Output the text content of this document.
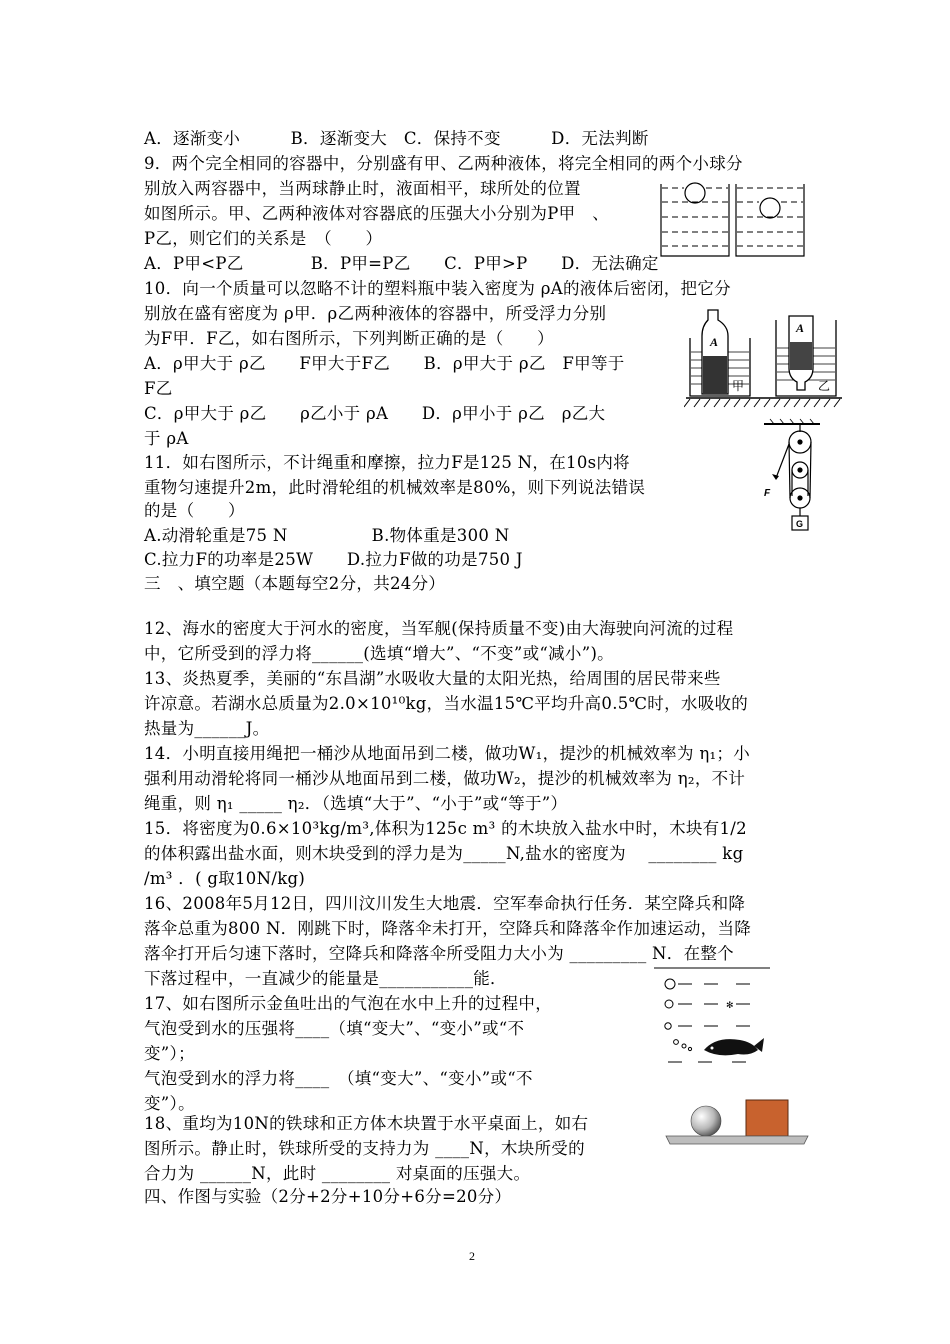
A．逐渐变小　　　B．逐渐变大　C．保持不变　　　D．无法判断
9．两个完全相同的容器中，分别盛有甲、乙两种液体，将完全相同的两个小球分
别放入两容器中，当两球静止时，液面相平，球所处的位置
如图所示。甲、乙两种液体对容器底的压强大小分别为P甲　、
P乙，则它们的关系是　（　　）
A．P甲<P乙　　　　B．P甲=P乙　　C．P甲>P　　D．无法确定
10．向一个质量可以忽略不计的塑料瓶中装入密度为 ρA的液体后密闭，把它分
别放在盛有密度为 ρ甲．ρ乙两种液体的容器中，所受浮力分别
为F甲．F乙，如右图所示，下列判断正确的是（　　）
A．ρ甲大于 ρ乙　　F甲大于F乙　　B．ρ甲大于 ρ乙　F甲等于
F乙
C．ρ甲大于 ρ乙　　ρ乙小于 ρA　　D．ρ甲小于 ρ乙　ρ乙大
于 ρA
A
甲
A
乙
11．如右图所示，不计绳重和摩擦，拉力F是125 N，在10s内将
重物匀速提升2m，此时滑轮组的机械效率是80%，则下列说法错误
的是（　　）
A.动滑轮重是75 N　　　　　B.物体重是300 N
C.拉力F的功率是25W　　D.拉力F做的功是750 J
F
G
三　、填空题（本题每空2分，共24分）
12、海水的密度大于河水的密度，当军舰(保持质量不变)由大海驶向河流的过程
中，它所受到的浮力将______(选填“增大”、“不变”或“减小”)。
13、炎热夏季，美丽的“东昌湖”水吸收大量的太阳光热，给周围的居民带来些
许凉意。若湖水总质量为2.0×10¹⁰kg，当水温15℃平均升高0.5℃时，水吸收的
热量为______J。
14．小明直接用绳把一桶沙从地面吊到二楼，做功W₁，提沙的机械效率为 η₁；小
强利用动滑轮将同一桶沙从地面吊到二楼，做功W₂，提沙的机械效率为 η₂，不计
绳重，则 η₁ _____ η₂．（选填“大于”、“小于”或“等于”）
15．将密度为0.6×10³kg/m³,体积为125c m³ 的木块放入盐水中时，木块有1/2
的体积露出盐水面，则木块受到的浮力是为_____N,盐水的密度为　 ________ kg
/m³ ．( g取10N/kg)
16、2008年5月12日，四川汶川发生大地震．空军奉命执行任务．某空降兵和降
落伞总重为800 N．刚跳下时，降落伞未打开，空降兵和降落伞作加速运动，当降
落伞打开后匀速下落时，空降兵和降落伞所受阻力大小为 _________ N．在整个
下落过程中，一直减少的能量是___________能．
17、如右图所示金鱼吐出的气泡在水中上升的过程中，
气泡受到水的压强将____（填“变大”、“变小”或“不
变”）；
气泡受到水的浮力将____　（填“变大”、“变小”或“不
变”）。
✻
18、重均为10N的铁球和正方体木块置于水平桌面上，如右
图所示。静止时，铁球所受的支持力为 ____N，木块所受的
合力为 ______N，此时 ________ 对桌面的压强大。
四、作图与实验（2分+2分+10分+6分=20分）
2
